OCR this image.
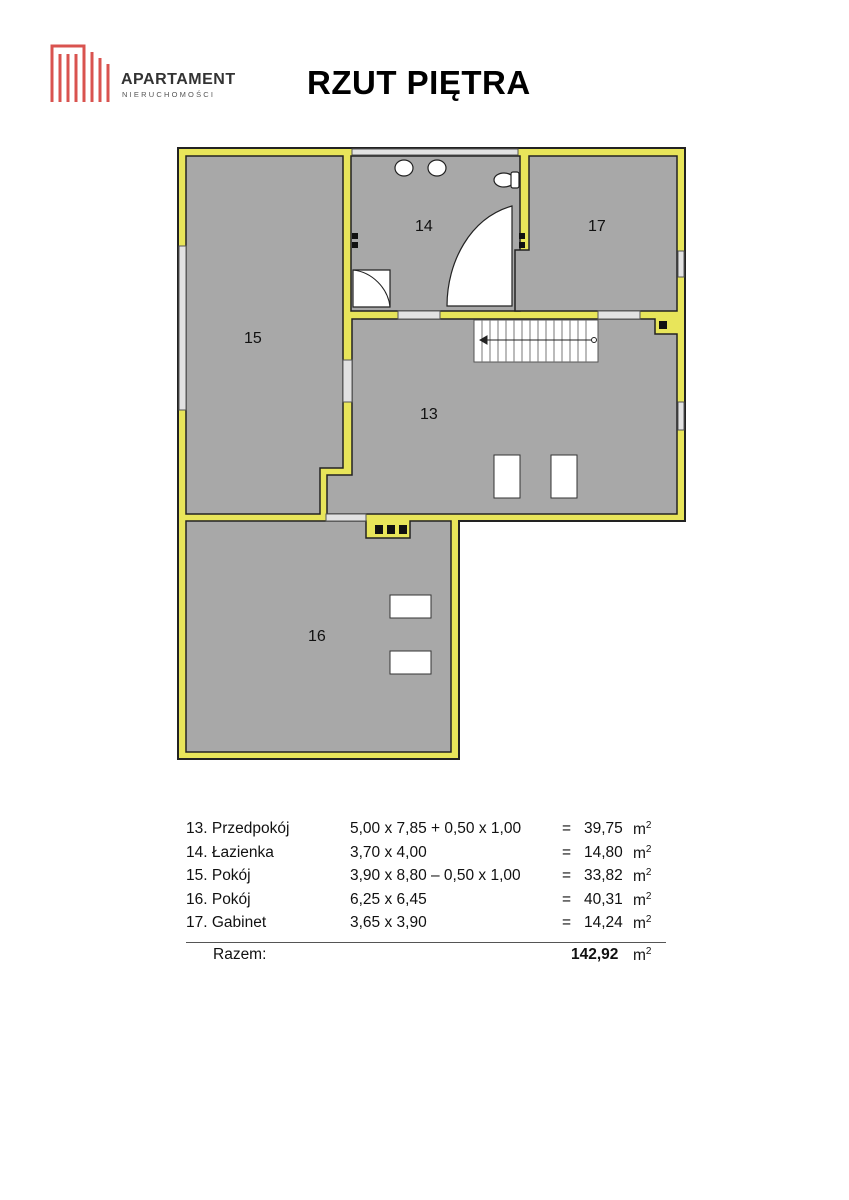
APARTAMENT
NIERUCHOMOŚCI	RZUT PIĘTRA
13
14
15
16
17
13. Przedpokój	5,00 x 7,85 + 0,50 x 1,00	= 39,75 $m^2$
14. Łazienka	3,70 x 4,00	= 14,80 $m^2$
15. Pokój	3,90 x 8,80 – 0,50 x 1,00	= 33,82 $m^2$
16. Pokój	6,25 x 6,45	= 40,31 $m^2$
17. Gabinet	3,65 x 3,90	= 14,24 $m^2$
Razem:	142,92 $m^2$
